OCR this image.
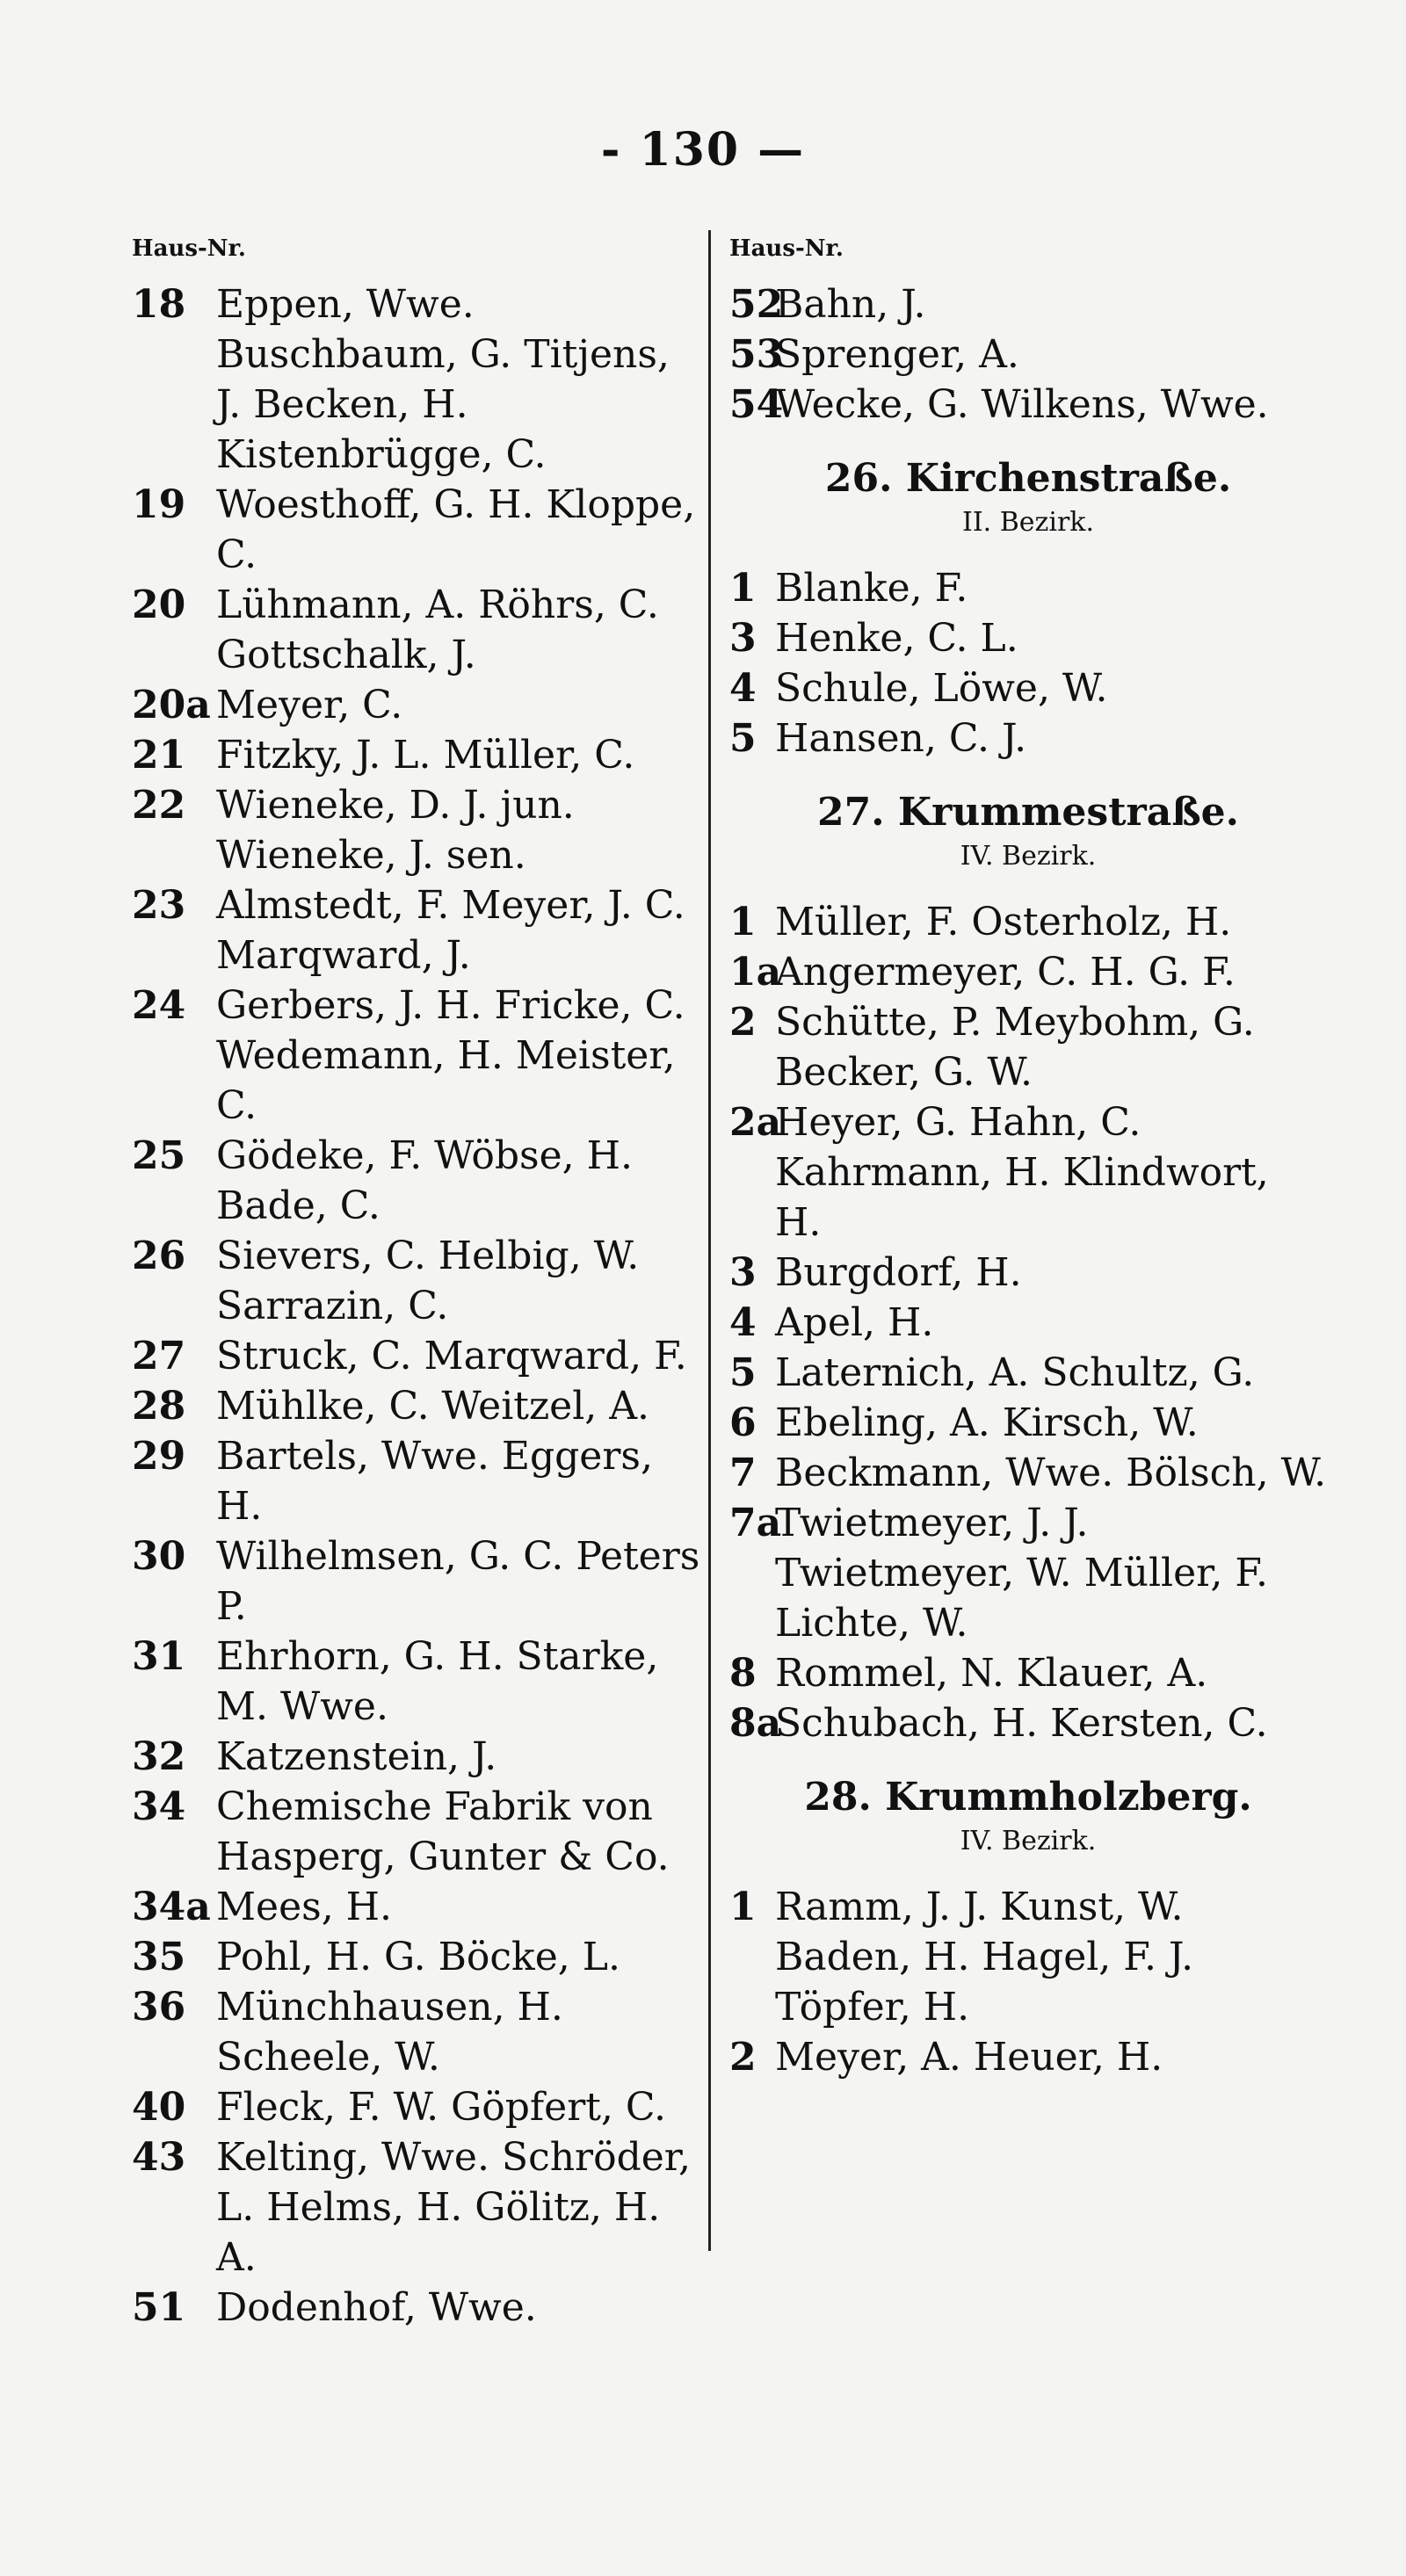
- 130 —
Haus-Nr.	Haus-Nr.
18 Eppen, Wwe. Buschbaum, G. Titjens, J. Becken, H. Kistenbrügge, C.
19 Woesthoff, G. H. Kloppe, C.
20 Lühmann, A. Röhrs, C. Gottschalk, J.
20a Meyer, C.
21 Fitzky, J. L. Müller, C.
22 Wieneke, D. J. jun. Wieneke, J. sen.
23 Almstedt, F. Meyer, J. C. Marqward, J.
24 Gerbers, J. H. Fricke, C. Wedemann, H. Meister, C.
25 Gödeke, F. Wöbse, H. Bade, C.
26 Sievers, C. Helbig, W. Sarrazin, C.
27 Struck, C. Marqward, F.
28 Mühlke, C. Weitzel, A.
29 Bartels, Wwe. Eggers, H.
30 Wilhelmsen, G. C. Peters P.
31 Ehrhorn, G. H. Starke, M. Wwe.
32 Katzenstein, J.
34 Chemische Fabrik von Hasperg, Gunter & Co.
34a Mees, H.
35 Pohl, H. G. Böcke, L.
36 Münchhausen, H. Scheele, W.
40 Fleck, F. W. Göpfert, C.
43 Kelting, Wwe. Schröder, L. Helms, H. Gölitz, H. A.
51 Dodenhof, Wwe.
52
Bahn, J.
53
Sprenger, A.
54
Wecke, G. Wilkens, Wwe.
26. Kirchenstraße.
II. Bezirk.
1 Blanke, F.
3 Henke, C. L.
4 Schule, Löwe, W.
5 Hansen, C. J.
27. Krummestraße.
IV. Bezirk.
1 Müller, F. Osterholz, H.
1a
Angermeyer, C. H. G. F.
2 Schütte, P. Meybohm, G. Becker, G. W.
2a
Heyer, G. Hahn, C. Kahrmann, H. Klindwort, H.
3 Burgdorf, H.
4 Apel, H.
5 Laternich, A. Schultz, G.
6 Ebeling, A. Kirsch, W.
7 Beckmann, Wwe. Bölsch, W.
7a
Twietmeyer, J. J. Twietmeyer, W. Müller, F. Lichte, W.
8 Rommel, N. Klauer, A.
8a
Schubach, H. Kersten, C.
28. Krummholzberg.
IV. Bezirk.
1 Ramm, J. J. Kunst, W. Baden, H. Hagel, F. J. Töpfer, H.
2 Meyer, A. Heuer, H.
